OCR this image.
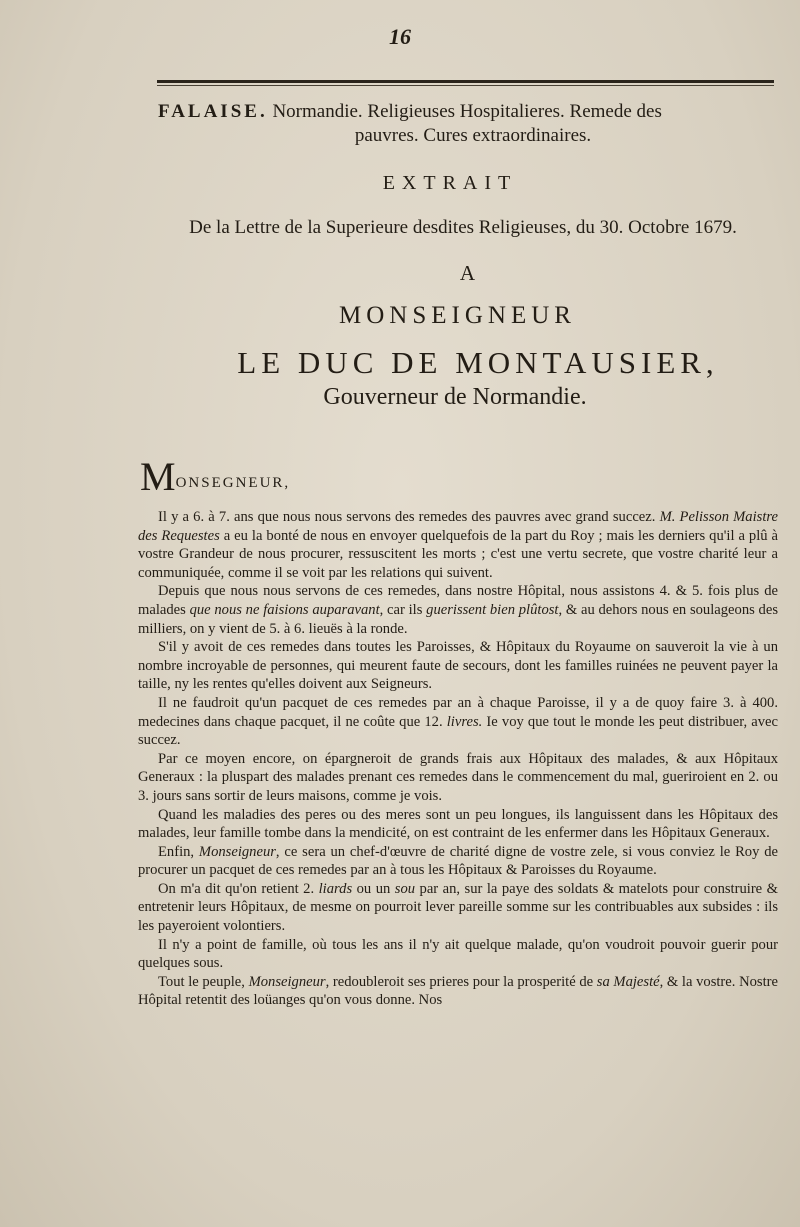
16
FALAISE. Normandie. Religieuses Hospitalieres. Remede des
pauvres. Cures extraordinaires.
EXTRAIT
De la Lettre de la Superieure desdites Religieuses, du 30. Octobre 1679.
A
MONSEIGNEUR
LE DUC DE MONTAUSIER,
Gouverneur de Normandie.
MONSEGNEUR,

Il y a 6. à 7. ans que nous nous servons des remedes des pauvres avec grand succez. M. Pelisson Maistre des Requestes a eu la bonté de nous en envoyer quelquefois de la part du Roy ; mais les derniers qu'il a plû à vostre Grandeur de nous procurer, ressuscitent les morts ; c'est une vertu secrete, que vostre charité leur a communiquée, comme il se voit par les relations qui suivent.

Depuis que nous nous servons de ces remedes, dans nostre Hôpital, nous assistons 4. & 5. fois plus de malades que nous ne faisions auparavant, car ils guerissent bien plûtost, & au dehors nous en soulageons des milliers, on y vient de 5. à 6. lieuës à la ronde.

S'il y avoit de ces remedes dans toutes les Paroisses, & Hôpitaux du Royaume on sauveroit la vie à un nombre incroyable de personnes, qui meurent faute de secours, dont les familles ruinées ne peuvent payer la taille, ny les rentes qu'elles doivent aux Seigneurs.

Il ne faudroit qu'un pacquet de ces remedes par an à chaque Paroisse, il y a de quoy faire 3. à 400. medecines dans chaque pacquet, il ne coûte que 12. livres. Ie voy que tout le monde les peut distribuer, avec succez.

Par ce moyen encore, on épargneroit de grands frais aux Hôpitaux des malades, & aux Hôpitaux Generaux : la pluspart des malades prenant ces remedes dans le commencement du mal, gueriroient en 2. ou 3. jours sans sortir de leurs maisons, comme je vois.

Quand les maladies des peres ou des meres sont un peu longues, ils languissent dans les Hôpitaux des malades, leur famille tombe dans la mendicité, on est contraint de les enfermer dans les Hôpitaux Generaux.

Enfin, Monseigneur, ce sera un chef-d'œuvre de charité digne de vostre zele, si vous conviez le Roy de procurer un pacquet de ces remedes par an à tous les Hôpitaux & Paroisses du Royaume.

On m'a dit qu'on retient 2. liards ou un sou par an, sur la paye des soldats & matelots pour construire & entretenir leurs Hôpitaux, de mesme on pourroit lever pareille somme sur les contribuables aux subsides : ils les payeroient volontiers.

Il n'y a point de famille, où tous les ans il n'y ait quelque malade, qu'on voudroit pouvoir guerir pour quelques sous.

Tout le peuple, Monseigneur, redoubleroit ses prieres pour la prosperité de sa Majesté, & la vostre. Nostre Hôpital retentit des loüanges qu'on vous donne. Nos
